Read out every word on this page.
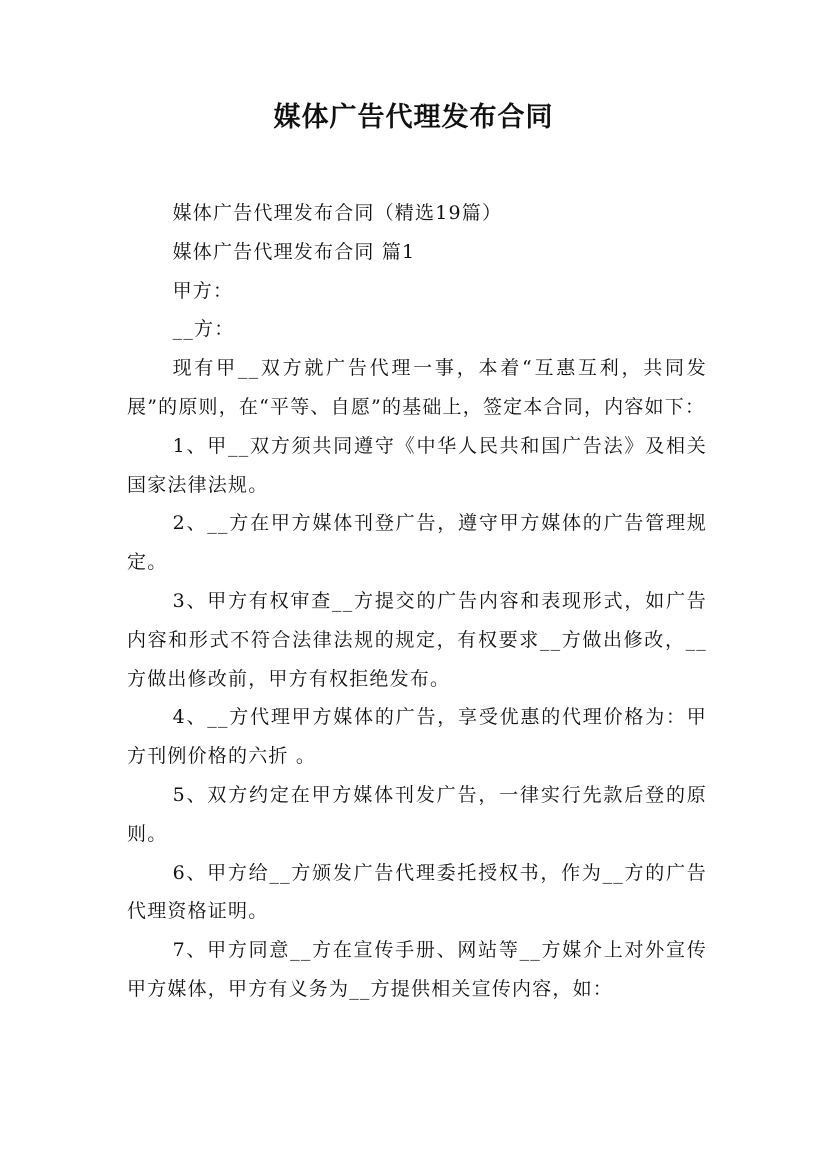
媒体广告代理发布合同

媒体广告代理发布合同（精选19篇）

媒体广告代理发布合同 篇1

甲方：

__方：

现有甲__双方就广告代理一事，本着“互惠互利，共同发展”的原则，在“平等、自愿”的基础上，签定本合同，内容如下：

1、甲__双方须共同遵守《中华人民共和国广告法》及相关国家法律法规。

2、__方在甲方媒体刊登广告，遵守甲方媒体的广告管理规定。

3、甲方有权审查__方提交的广告内容和表现形式，如广告内容和形式不符合法律法规的规定，有权要求__方做出修改，__方做出修改前，甲方有权拒绝发布。

4、__方代理甲方媒体的广告，享受优惠的代理价格为：甲方刊例价格的六折 。

5、双方约定在甲方媒体刊发广告，一律实行先款后登的原则。

6、甲方给__方颁发广告代理委托授权书，作为__方的广告代理资格证明。

7、甲方同意__方在宣传手册、网站等__方媒介上对外宣传甲方媒体，甲方有义务为__方提供相关宣传内容，如：
